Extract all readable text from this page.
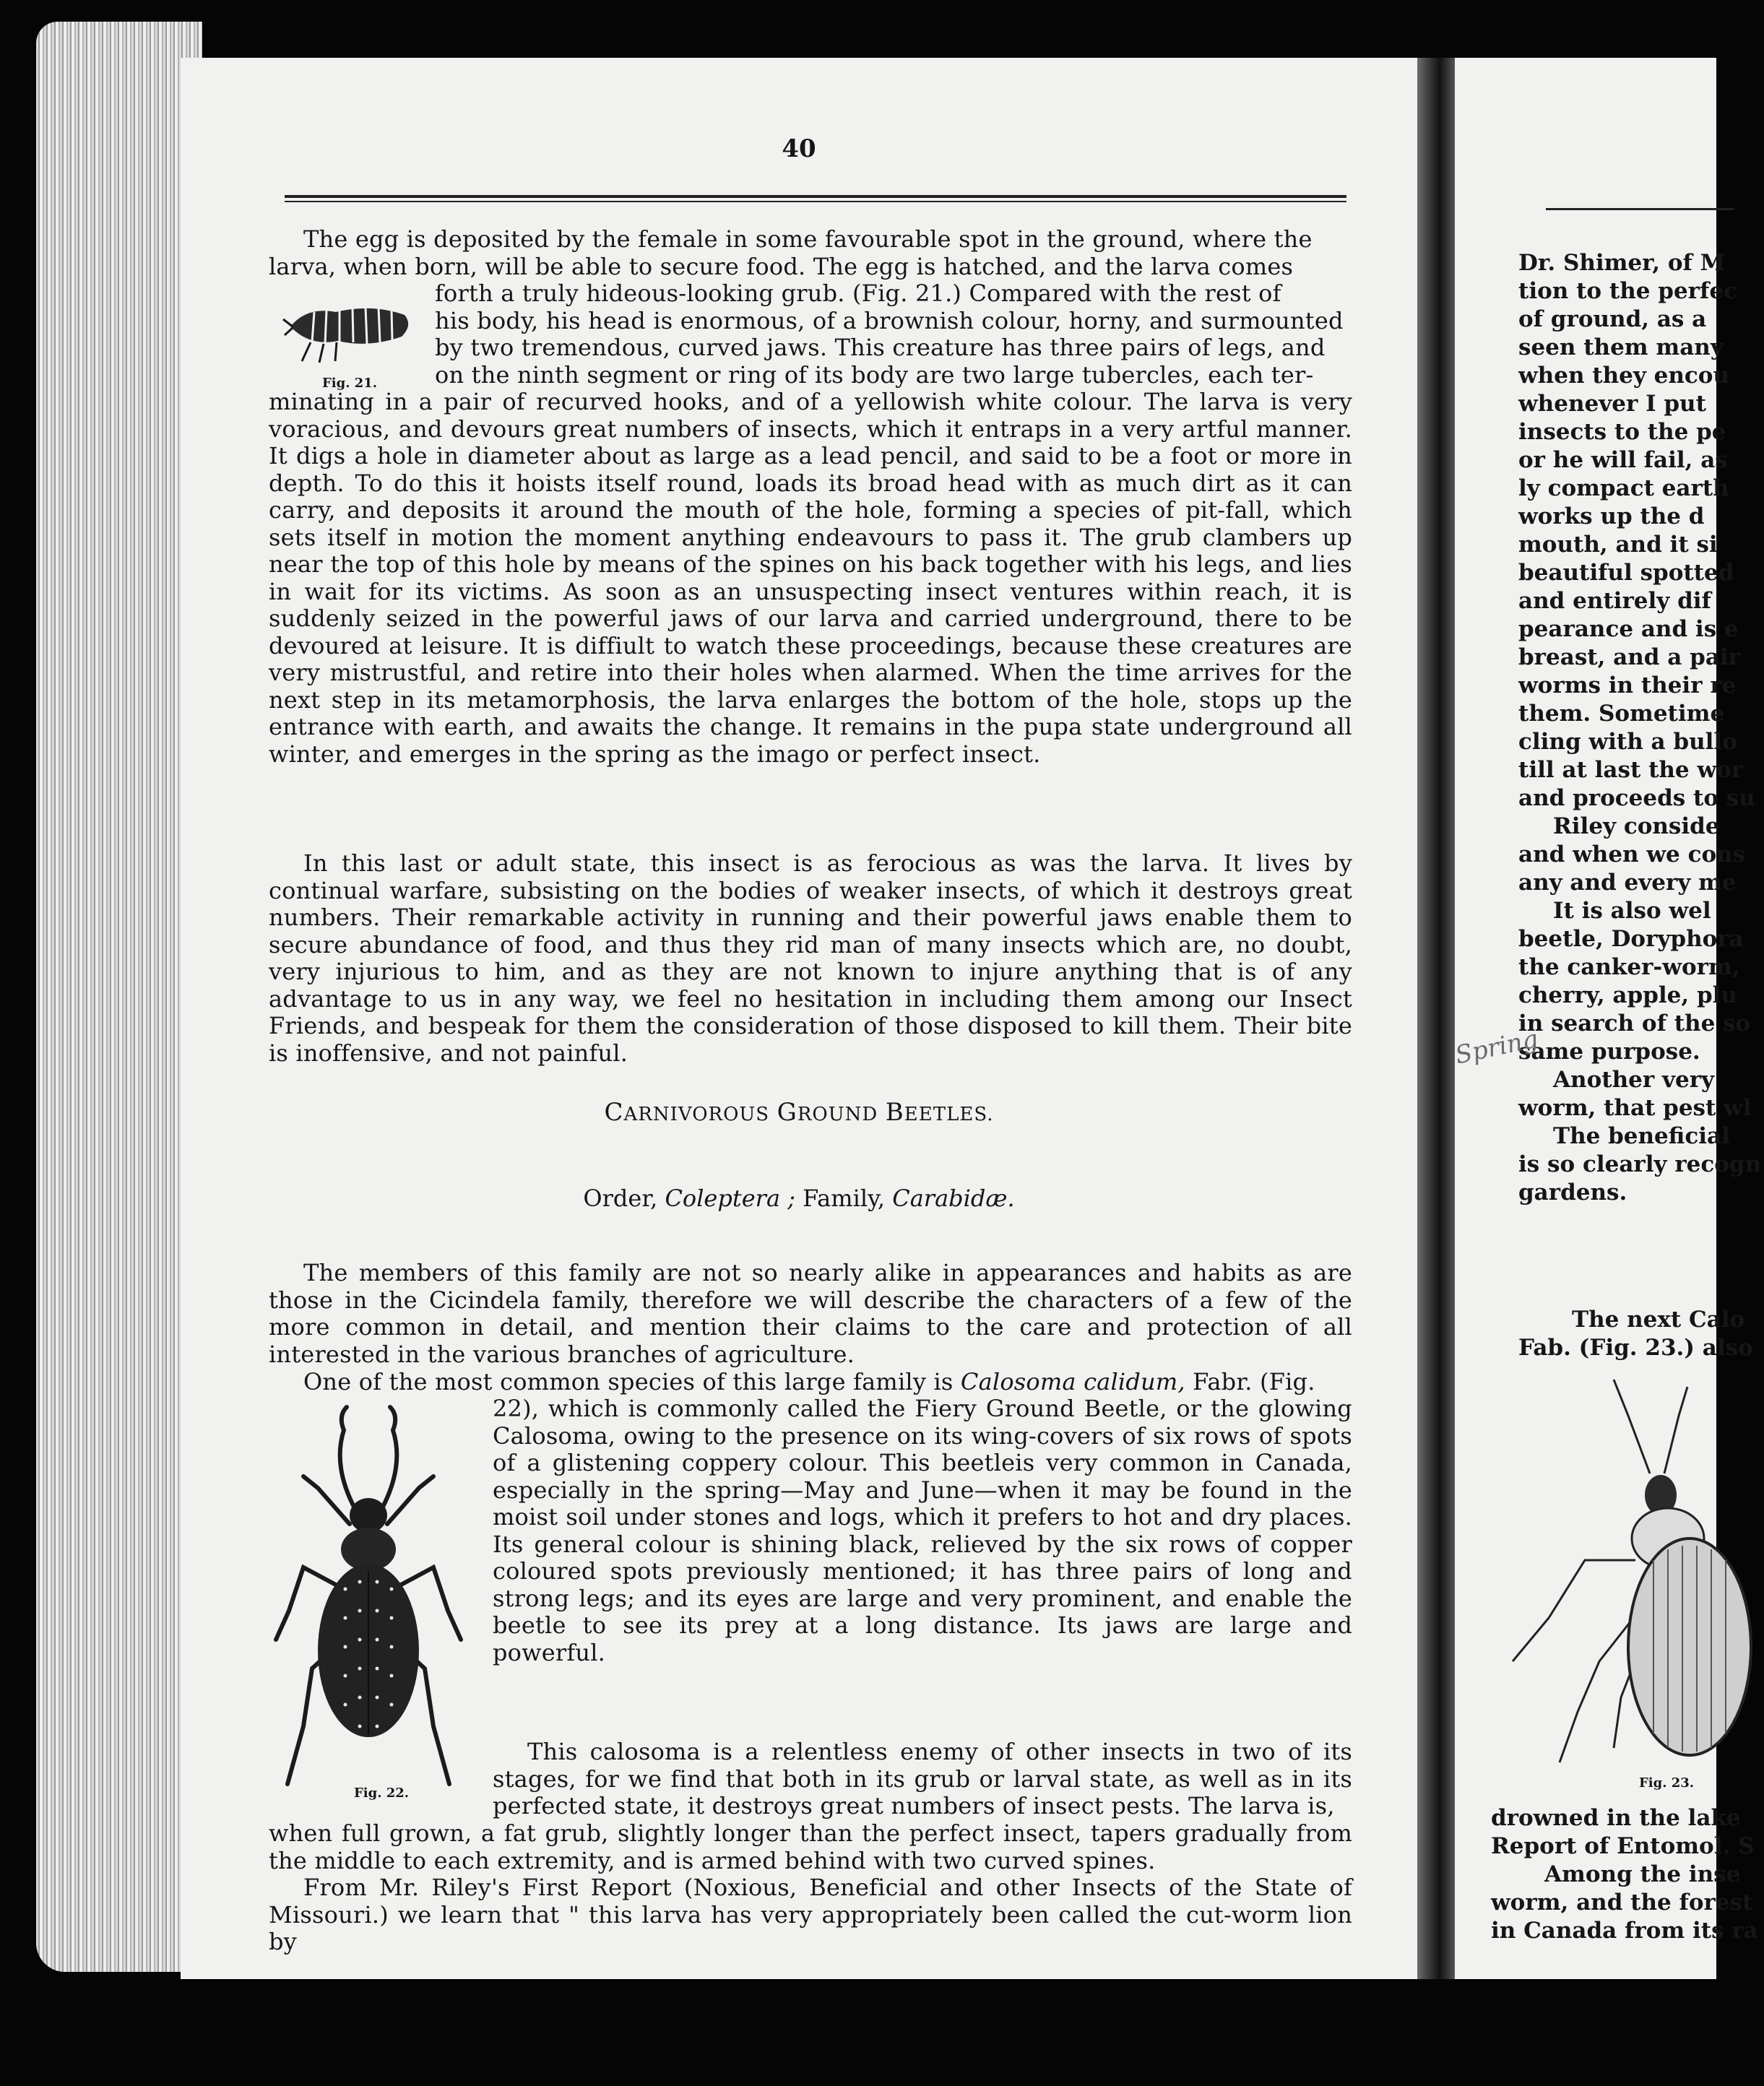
40
The egg is deposited by the female in some favourable spot in the ground, where the
larva, when born, will be able to secure food. The egg is hatched, and the larva comes
Fig. 21.
forth a truly hideous-looking grub. (Fig. 21.) Compared with the rest of
his body, his head is enormous, of a brownish colour, horny, and surmounted
by two tremendous, curved jaws. This creature has three pairs of legs, and
on the ninth segment or ring of its body are two large tubercles, each ter-
minating in a pair of recurved hooks, and of a yellowish white colour. The larva is very voracious, and devours great numbers of insects, which it entraps in a very artful manner. It digs a hole in diameter about as large as a lead pencil, and said to be a foot or more in depth. To do this it hoists itself round, loads its broad head with as much dirt as it can carry, and deposits it around the mouth of the hole, forming a species of pit-fall, which sets itself in motion the moment anything endeavours to pass it. The grub clambers up near the top of this hole by means of the spines on his back together with his legs, and lies in wait for its victims. As soon as an unsuspecting insect ventures within reach, it is suddenly seized in the powerful jaws of our larva and carried underground, there to be devoured at leisure. It is diffiult to watch these proceedings, because these creatures are very mistrustful, and retire into their holes when alarmed. When the time arrives for the next step in its metamorphosis, the larva enlarges the bottom of the hole, stops up the entrance with earth, and awaits the change. It remains in the pupa state underground all winter, and emerges in the spring as the imago or perfect insect.
In this last or adult state, this insect is as ferocious as was the larva. It lives by continual warfare, subsisting on the bodies of weaker insects, of which it destroys great numbers. Their remarkable activity in running and their powerful jaws enable them to secure abundance of food, and thus they rid man of many insects which are, no doubt, very injurious to him, and as they are not known to injure anything that is of any advantage to us in any way, we feel no hesitation in including them among our Insect Friends, and bespeak for them the consideration of those disposed to kill them. Their bite is inoffensive, and not painful.
CARNIVOROUS GROUND BEETLES.
Order, Coleptera ; Family, Carabidæ.
The members of this family are not so nearly alike in appearances and habits as are those in the Cicindela family, therefore we will describe the characters of a few of the more common in detail, and mention their claims to the care and protection of all interested in the various branches of agriculture.
One of the most common species of this large family is Calosoma calidum, Fabr. (Fig.
Fig. 22.
22), which is commonly called the Fiery Ground Beetle, or the glowing Calosoma, owing to the presence on its wing-covers of six rows of spots of a glistening coppery colour. This beetleis very common in Canada, especially in the spring—May and June—when it may be found in the moist soil under stones and logs, which it prefers to hot and dry places. Its general colour is shining black, relieved by the six rows of copper coloured spots previously mentioned; it has three pairs of long and strong legs; and its eyes are large and very prominent, and enable the beetle to see its prey at a long distance. Its jaws are large and powerful.
This calosoma is a relentless enemy of other insects in two of its stages, for we find that both in its grub or larval state, as well as in its perfected state, it destroys great numbers of insect pests. The larva is,
when full grown, a fat grub, slightly longer than the perfect insect, tapers gradually from the middle to each extremity, and is armed behind with two curved spines.
From Mr. Riley's First Report (Noxious, Beneficial and other Insects of the State of Missouri.) we learn that " this larva has very appropriately been called the cut-worm lion by
Dr. Shimer, of M
tion to the perfec
of ground, as a
seen them many
when they encou
whenever I put
insects to the pe
or he will fail, as
ly compact earth
works up the d
mouth, and it si
beautiful spotted
and entirely dif
pearance and is e
breast, and a pair
worms in their re
them. Sometime
cling with a bullo
till at last the wor
and proceeds to su
Riley conside
and when we cons
any and every me
It is also wel
beetle, Doryphora
the canker-worm,
cherry, apple, plu
in search of the so
same purpose.
Another very
worm, that pest wl
The beneficial
is so clearly recogn
gardens.
The next Calo
Fab. (Fig. 23.) also
Fig. 23.
drowned in the lake
Report of Entomol. S
Among the inse
worm, and the forest
in Canada from its ra
Spring
